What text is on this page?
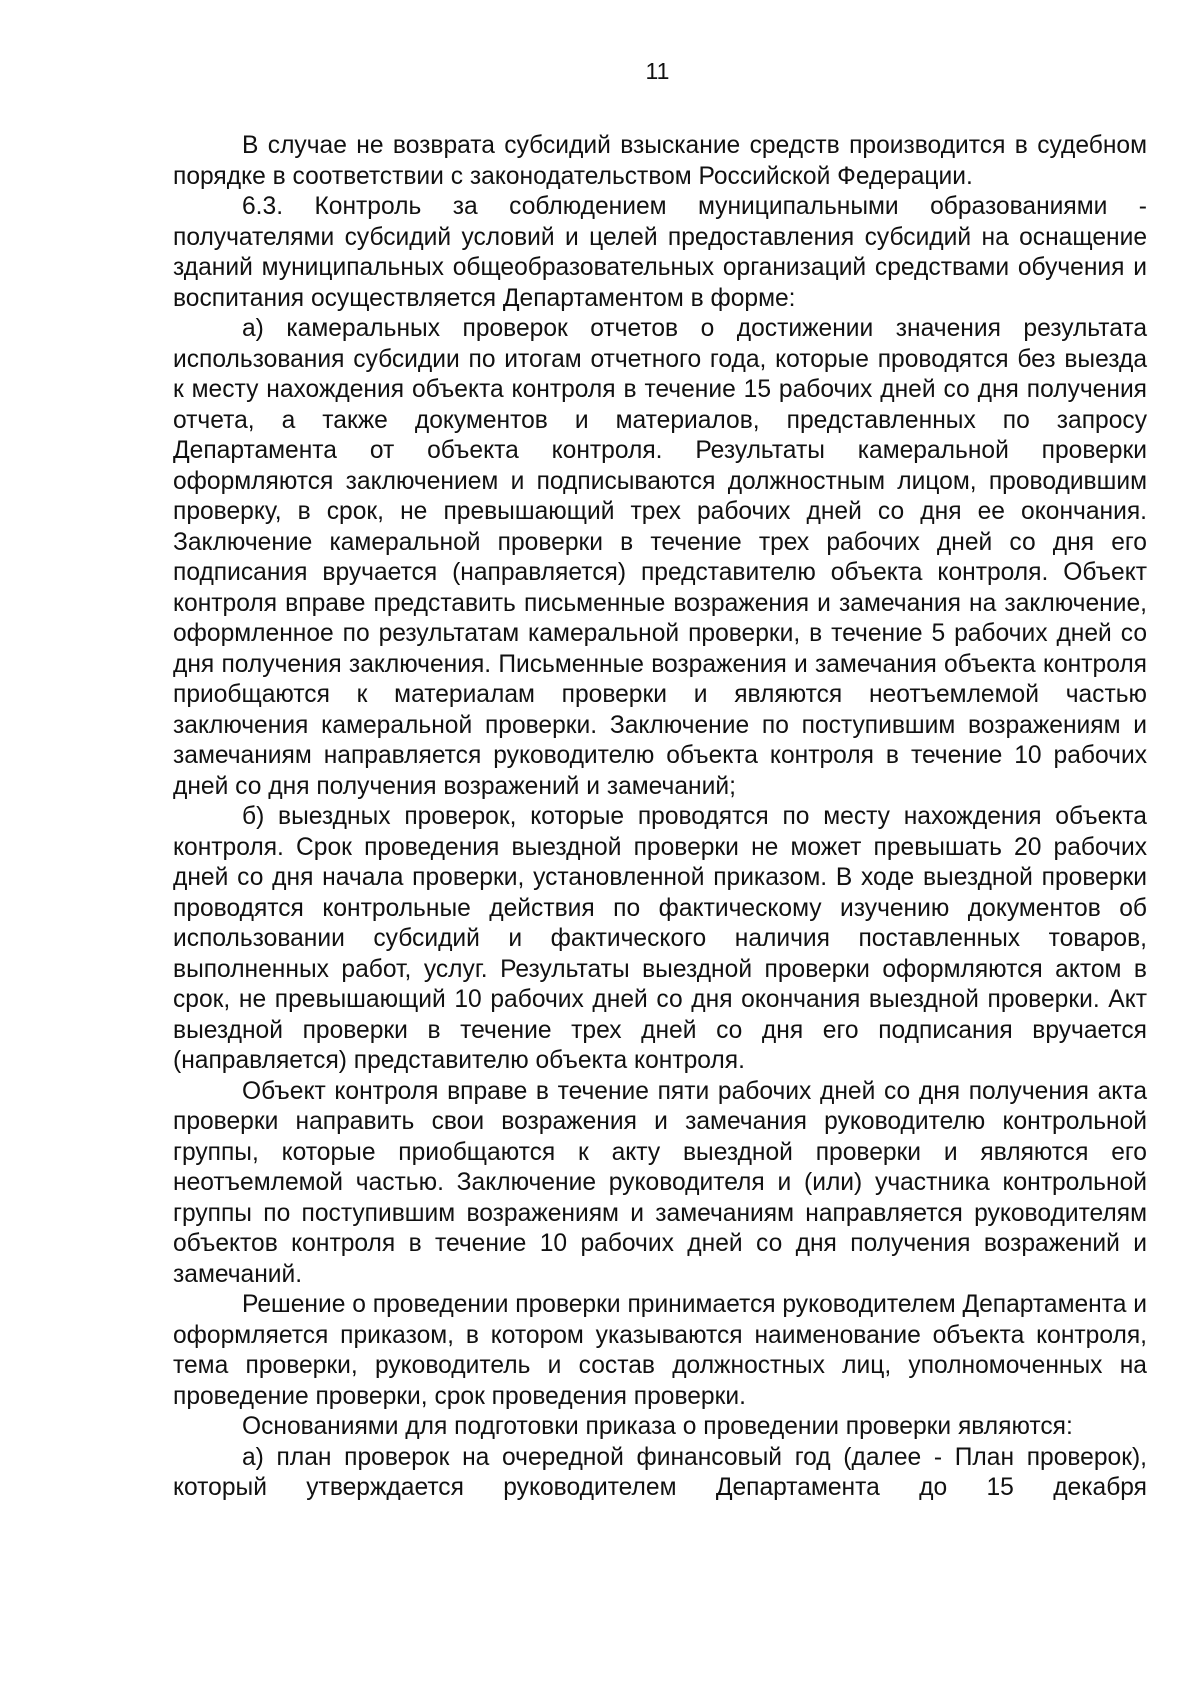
11

В случае не возврата субсидий взыскание средств производится в судебном порядке в соответствии с законодательством Российской Федерации.

6.3. Контроль за соблюдением муниципальными образованиями - получателями субсидий условий и целей предоставления субсидий на оснащение зданий муниципальных общеобразовательных организаций средствами обучения и воспитания осуществляется Департаментом в форме:

а) камеральных проверок отчетов о достижении значения результата использования субсидии по итогам отчетного года, которые проводятся без выезда к месту нахождения объекта контроля в течение 15 рабочих дней со дня получения отчета, а также документов и материалов, представленных по запросу Департамента от объекта контроля. Результаты камеральной проверки оформляются заключением и подписываются должностным лицом, проводившим проверку, в срок, не превышающий трех рабочих дней со дня ее окончания. Заключение камеральной проверки в течение трех рабочих дней со дня его подписания вручается (направляется) представителю объекта контроля. Объект контроля вправе представить письменные возражения и замечания на заключение, оформленное по результатам камеральной проверки, в течение 5 рабочих дней со дня получения заключения. Письменные возражения и замечания объекта контроля приобщаются к материалам проверки и являются неотъемлемой частью заключения камеральной проверки. Заключение по поступившим возражениям и замечаниям направляется руководителю объекта контроля в течение 10 рабочих дней со дня получения возражений и замечаний;

б) выездных проверок, которые проводятся по месту нахождения объекта контроля. Срок проведения выездной проверки не может превышать 20 рабочих дней со дня начала проверки, установленной приказом. В ходе выездной проверки проводятся контрольные действия по фактическому изучению документов об использовании субсидий и фактического наличия поставленных товаров, выполненных работ, услуг. Результаты выездной проверки оформляются актом в срок, не превышающий 10 рабочих дней со дня окончания выездной проверки. Акт выездной проверки в течение трех дней со дня его подписания вручается (направляется) представителю объекта контроля.

Объект контроля вправе в течение пяти рабочих дней со дня получения акта проверки направить свои возражения и замечания руководителю контрольной группы, которые приобщаются к акту выездной проверки и являются его неотъемлемой частью. Заключение руководителя и (или) участника контрольной группы по поступившим возражениям и замечаниям направляется руководителям объектов контроля в течение 10 рабочих дней со дня получения возражений и замечаний.

Решение о проведении проверки принимается руководителем Департамента и оформляется приказом, в котором указываются наименование объекта контроля, тема проверки, руководитель и состав должностных лиц, уполномоченных на проведение проверки, срок проведения проверки.

Основаниями для подготовки приказа о проведении проверки являются:

а) план проверок на очередной финансовый год (далее - План проверок), который утверждается руководителем Департамента до 15 декабря
